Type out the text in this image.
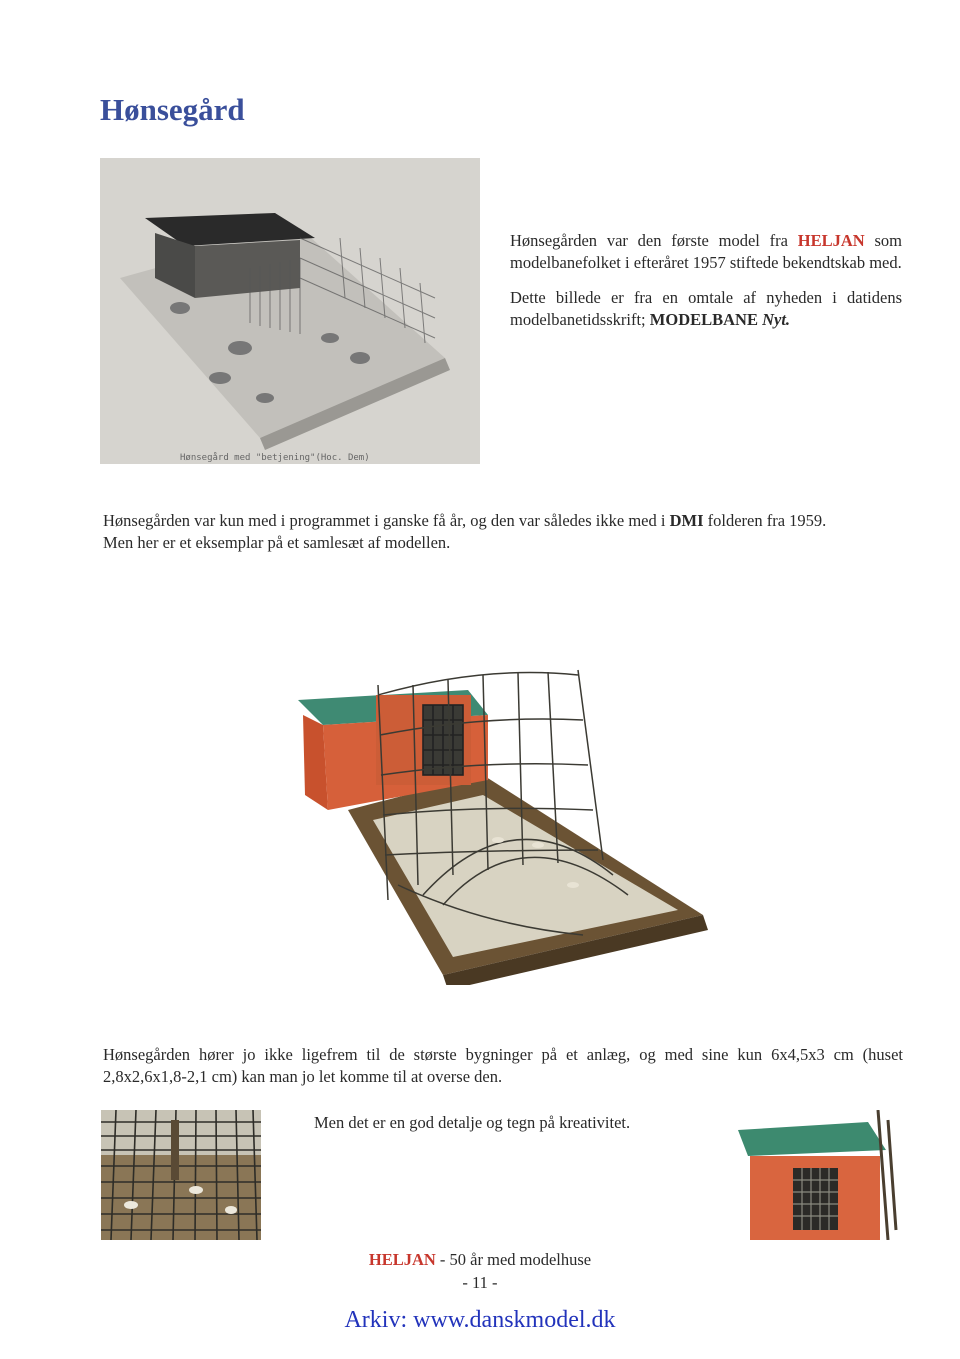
Hønsegård
Hønsegård med "betjening"(Hoc. Dem)

Hønsegården var den første model fra HELJAN som modelbanefolket i efteråret 1957 stiftede bekendtskab med.

Dette billede er fra en omtale af nyheden i datidens modelbanetidsskrift; MODELBANE Nyt.

Hønsegården var kun med i programmet i ganske få år, og den var således ikke med i DMI folderen fra 1959.

Men her er et eksemplar på et samlesæt af modellen.

Hønsegården hører jo ikke ligefrem til de største bygninger på et anlæg, og med sine kun 6x4,5x3 cm (huset 2,8x2,6x1,8-2,1 cm) kan man jo let komme til at overse den.

Men det er en god detalje og tegn på kreativitet.
HELJAN - 50 år med modelhuse
- 11 -
Arkiv: www.danskmodel.dk
